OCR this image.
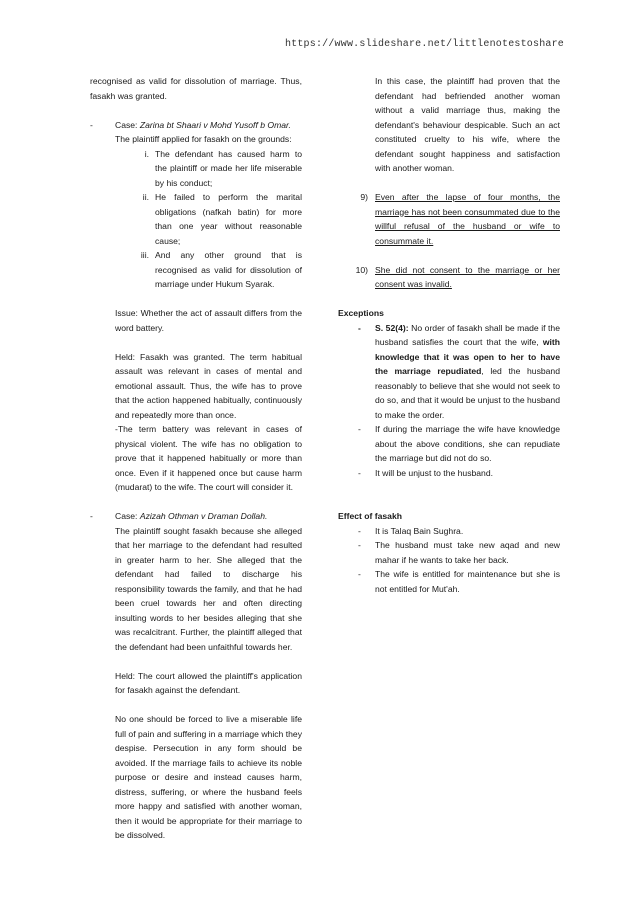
https://www.slideshare.net/littlenotestoshare

recognised as valid for dissolution of marriage. Thus, fasakh was granted.

-	Case: Zarina bt Shaari v Mohd Yusoff b Omar.

The plaintiff applied for fasakh on the grounds:

i. The defendant has caused harm to the plaintiff or made her life miserable by his conduct;

ii. He failed to perform the marital obligations (nafkah batin) for more than one year without reasonable cause;

iii. And any other ground that is recognised as valid for dissolution of marriage under Hukum Syarak.

Issue: Whether the act of assault differs from the word battery.

Held: Fasakh was granted. The term habitual assault was relevant in cases of mental and emotional assault. Thus, the wife has to prove that the action happened habitually, continuously and repeatedly more than once.

-The term battery was relevant in cases of physical violent. The wife has no obligation to prove that it happened habitually or more than once. Even if it happened once but cause harm (mudarat) to the wife. The court will consider it.

-	Case: Azizah Othman v Draman Dollah.

The plaintiff sought fasakh because she alleged that her marriage to the defendant had resulted in greater harm to her. She alleged that the defendant had failed to discharge his responsibility towards the family, and that he had been cruel towards her and often directing insulting words to her besides alleging that she was recalcitrant. Further, the plaintiff alleged that the defendant had been unfaithful towards her.

Held: The court allowed the plaintiff's application for fasakh against the defendant.

No one should be forced to live a miserable life full of pain and suffering in a marriage which they despise. Persecution in any form should be avoided. If the marriage fails to achieve its noble purpose or desire and instead causes harm, distress, suffering, or where the husband feels more happy and satisfied with another woman, then it would be appropriate for their marriage to be dissolved.

In this case, the plaintiff had proven that the defendant had befriended another woman without a valid marriage thus, making the defendant's behaviour despicable. Such an act constituted cruelty to his wife, where the defendant sought happiness and satisfaction with another woman.

9) Even after the lapse of four months, the marriage has not been consummated due to the willful refusal of the husband or wife to consummate it.

10) She did not consent to the marriage or her consent was invalid.

Exceptions

- S. 52(4): No order of fasakh shall be made if the husband satisfies the court that the wife, with knowledge that it was open to her to have the marriage repudiated, led the husband reasonably to believe that she would not seek to do so, and that it would be unjust to the husband to make the order.

- If during the marriage the wife have knowledge about the above conditions, she can repudiate the marriage but did not do so.

- It will be unjust to the husband.

Effect of fasakh

- It is Talaq Bain Sughra.

- The husband must take new aqad and new mahar if he wants to take her back.

- The wife is entitled for maintenance but she is not entitled for Mut'ah.
